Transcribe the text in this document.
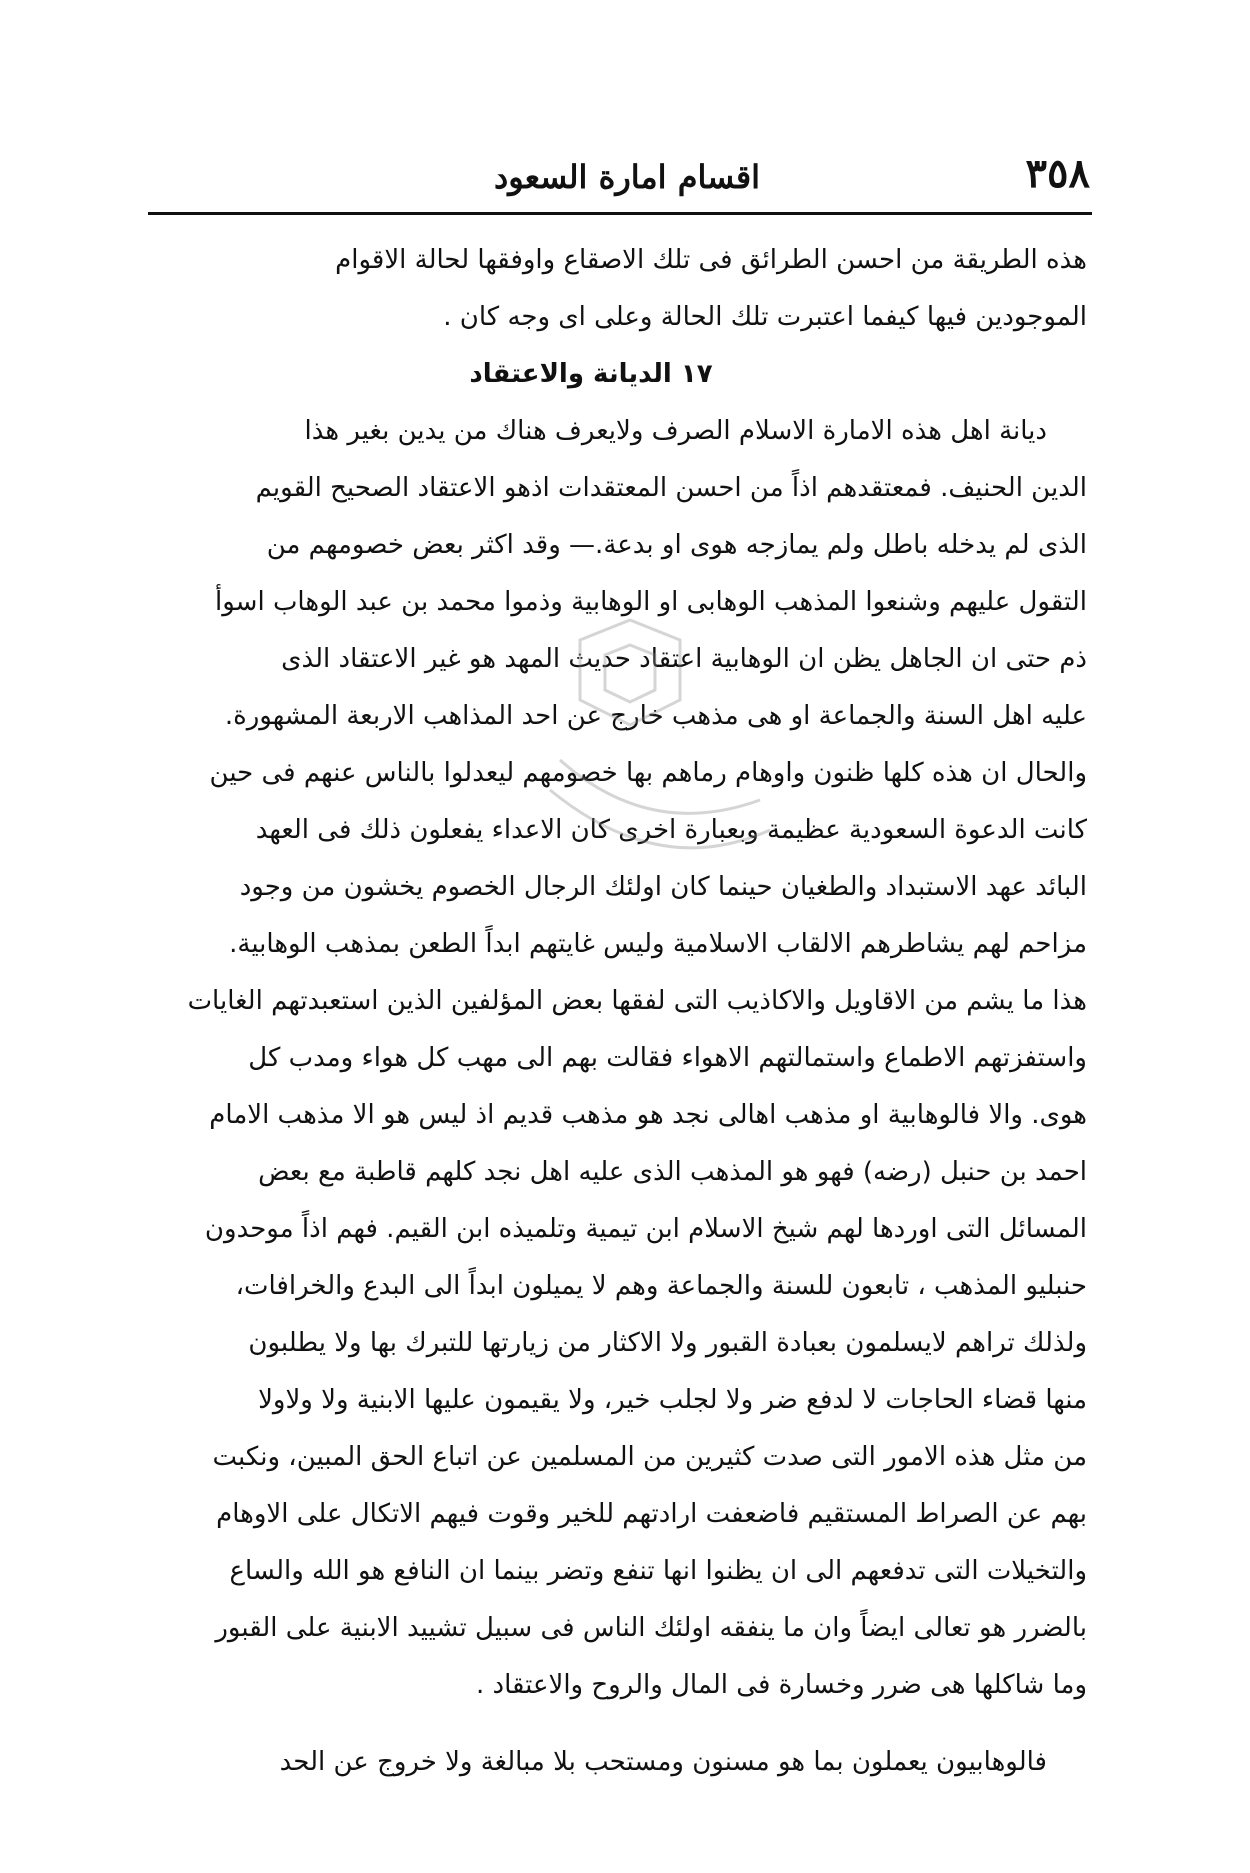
٣٥٨
اقسام امارة السعود

هذه الطريقة من احسن الطرائق فى تلك الاصقاع واوفقها لحالة الاقوام

الموجودين فيها كيفما اعتبرت تلك الحالة وعلى اى وجه كان .

١٧ الديانة والاعتقاد

ديانة اهل هذه الامارة الاسلام الصرف ولايعرف هناك من يدين بغير هذا

الدين الحنيف. فمعتقدهم اذاً من احسن المعتقدات اذهو الاعتقاد الصحيح القويم

الذى لم يدخله باطل ولم يمازجه هوى او بدعة.— وقد اكثر بعض خصومهم من

التقول عليهم وشنعوا المذهب الوهابى او الوهابية وذموا محمد بن عبد الوهاب اسوأ

ذم حتى ان الجاهل يظن ان الوهابية اعتقاد حديث المهد هو غير الاعتقاد الذى

عليه اهل السنة والجماعة او هى مذهب خارج عن احد المذاهب الاربعة المشهورة.

والحال ان هذه كلها ظنون واوهام رماهم بها خصومهم ليعدلوا بالناس عنهم فى حين

كانت الدعوة السعودية عظيمة وبعبارة اخرى كان الاعداء يفعلون ذلك فى العهد

البائد عهد الاستبداد والطغيان حينما كان اولئك الرجال الخصوم يخشون من وجود

مزاحم لهم يشاطرهم الالقاب الاسلامية وليس غايتهم ابداً الطعن بمذهب الوهابية.

هذا ما يشم من الاقاويل والاكاذيب التى لفقها بعض المؤلفين الذين استعبدتهم الغايات

واستفزتهم الاطماع واستمالتهم الاهواء فقالت بهم الى مهب كل هواء ومدب كل

هوى. والا فالوهابية او مذهب اهالى نجد هو مذهب قديم اذ ليس هو الا مذهب الامام

احمد بن حنبل (رضه) فهو هو المذهب الذى عليه اهل نجد كلهم قاطبة مع بعض

المسائل التى اوردها لهم شيخ الاسلام ابن تيمية وتلميذه ابن القيم. فهم اذاً موحدون

حنبليو المذهب ، تابعون للسنة والجماعة وهم لا يميلون ابداً الى البدع والخرافات،

ولذلك تراهم لايسلمون بعبادة القبور ولا الاكثار من زيارتها للتبرك بها ولا يطلبون

منها قضاء الحاجات لا لدفع ضر ولا لجلب خير، ولا يقيمون عليها الابنية ولا ولاولا

من مثل هذه الامور التى صدت كثيرين من المسلمين عن اتباع الحق المبين، ونكبت

بهم عن الصراط المستقيم فاضعفت ارادتهم للخير وقوت فيهم الاتكال على الاوهام

والتخيلات التى تدفعهم الى ان يظنوا انها تنفع وتضر بينما ان النافع هو الله والساع

بالضرر هو تعالى ايضاً وان ما ينفقه اولئك الناس فى سبيل تشييد الابنية على القبور

وما شاكلها هى ضرر وخسارة فى المال والروح والاعتقاد .

فالوهابيون يعملون بما هو مسنون ومستحب بلا مبالغة ولا خروج عن الحد
